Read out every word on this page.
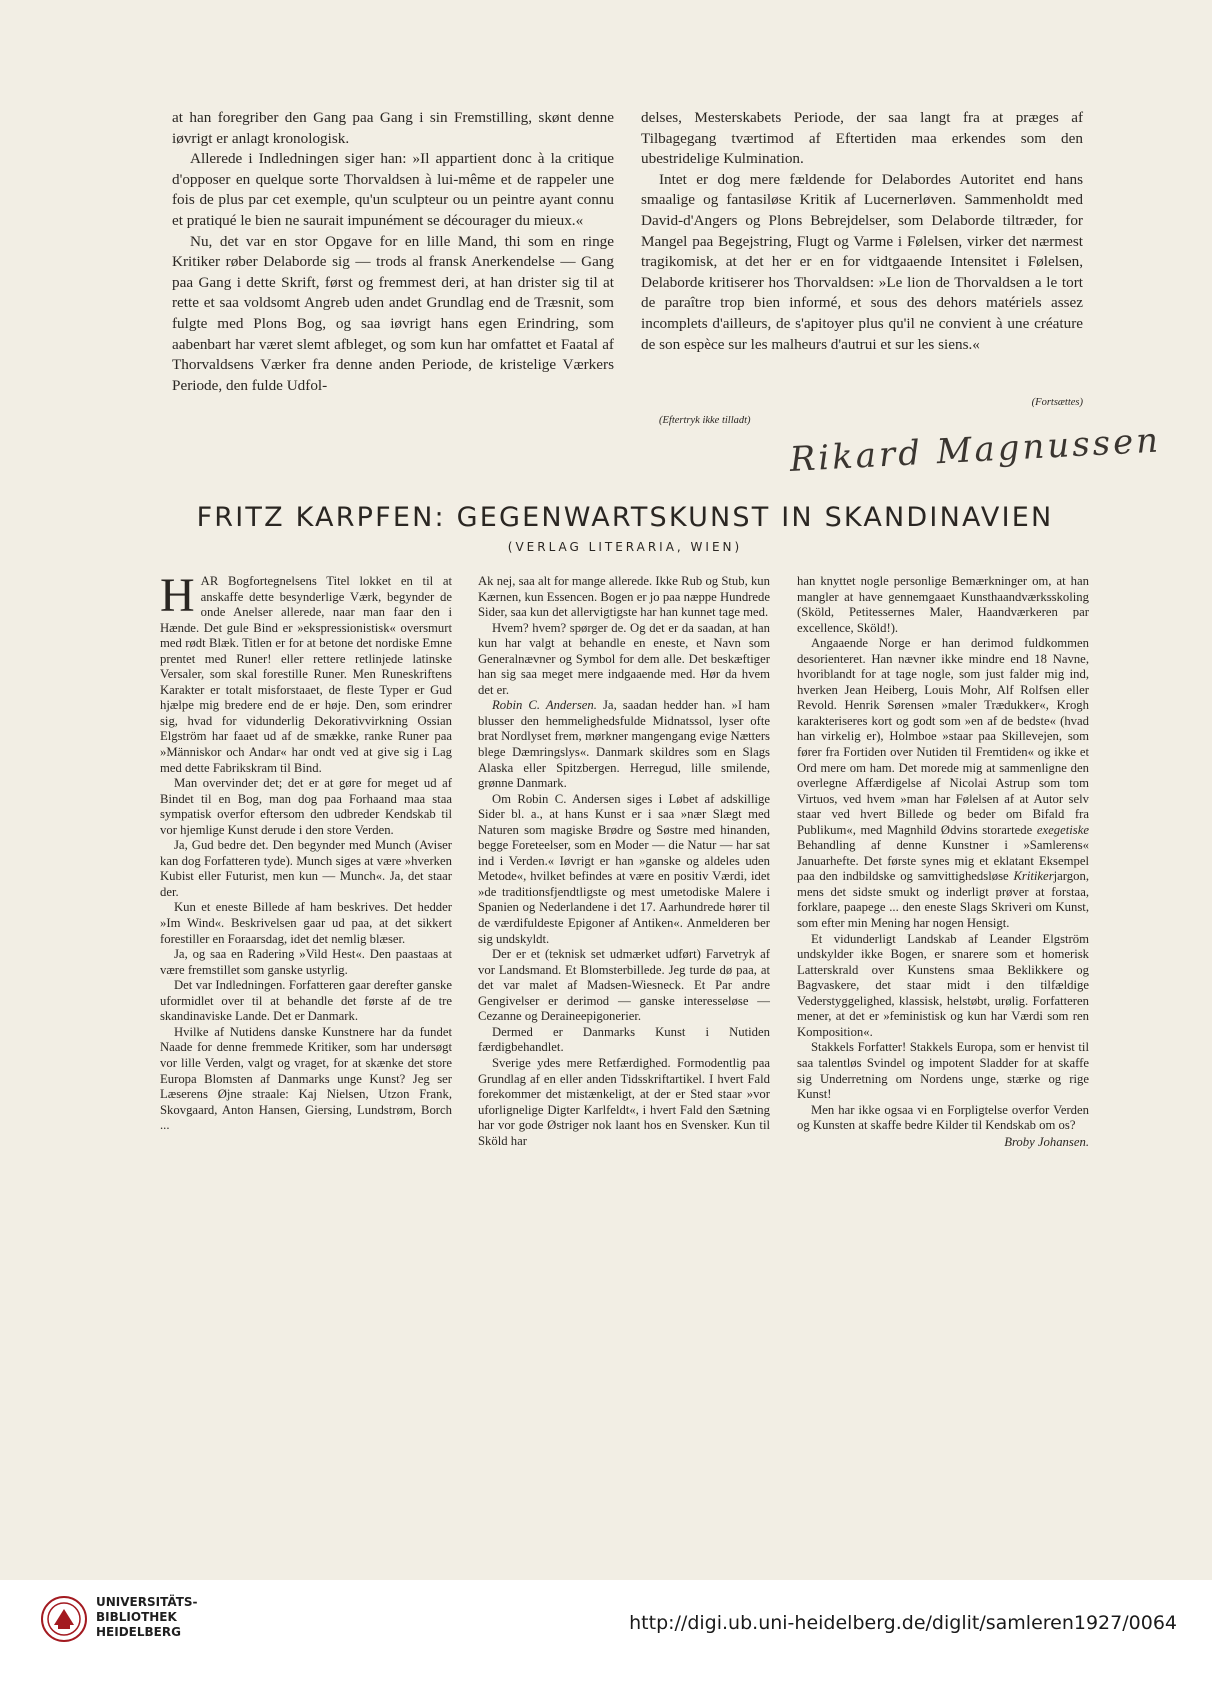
at han foregriber den Gang paa Gang i sin Fremstilling, skønt denne iøvrigt er anlagt kronologisk.

Allerede i Indledningen siger han: »Il appartient donc à la critique d'opposer en quelque sorte Thorvaldsen à lui-même et de rappeler une fois de plus par cet exemple, qu'un sculpteur ou un peintre ayant connu et pratiqué le bien ne saurait impunément se décourager du mieux.«

Nu, det var en stor Opgave for en lille Mand, thi som en ringe Kritiker røber Delaborde sig — trods al fransk Anerkendelse — Gang paa Gang i dette Skrift, først og fremmest deri, at han drister sig til at rette et saa voldsomt Angreb uden andet Grundlag end de Træsnit, som fulgte med Plons Bog, og saa iøvrigt hans egen Erindring, som aabenbart har været slemt afbleget, og som kun har omfattet et Faatal af Thorvaldsens Værker fra denne anden Periode, de kristelige Værkers Periode, den fulde Udfol-

delses, Mesterskabets Periode, der saa langt fra at præges af Tilbagegang tværtimod af Eftertiden maa erkendes som den ubestridelige Kulmination.

Intet er dog mere fældende for Delabordes Autoritet end hans smaalige og fantasiløse Kritik af Lucernerløven. Sammenholdt med David-d'Angers og Plons Bebrejdelser, som Delaborde tiltræder, for Mangel paa Begejstring, Flugt og Varme i Følelsen, virker det nærmest tragikomisk, at det her er en for vidtgaaende Intensitet i Følelsen, Delaborde kritiserer hos Thorvaldsen: »Le lion de Thorvaldsen a le tort de paraître trop bien informé, et sous des dehors matériels assez incomplets d'ailleurs, de s'apitoyer plus qu'il ne convient à une créature de son espèce sur les malheurs d'autrui et sur les siens.«

(Fortsættes)
(Eftertryk ikke tilladt)
Rikard Magnussen
FRITZ KARPFEN: GEGENWARTSKUNST IN SKANDINAVIEN
(VERLAG LITERARIA, WIEN)

HAR Bogfortegnelsens Titel lokket en til at anskaffe dette besynderlige Værk, begynder de onde Anelser allerede, naar man faar den i Hænde. Det gule Bind er »ekspressionistisk« oversmurt med rødt Blæk. Titlen er for at betone det nordiske Emne prentet med Runer! eller rettere retlinjede latinske Versaler, som skal forestille Runer. Men Runeskriftens Karakter er totalt misforstaaet, de fleste Typer er Gud hjælpe mig bredere end de er høje. Den, som erindrer sig, hvad for vidunderlig Dekorativvirkning Ossian Elgström har faaet ud af de smække, ranke Runer paa »Människor och Andar« har ondt ved at give sig i Lag med dette Fabrikskram til Bind.

Man overvinder det; det er at gøre for meget ud af Bindet til en Bog, man dog paa Forhaand maa staa sympatisk overfor eftersom den udbreder Kendskab til vor hjemlige Kunst derude i den store Verden.

Ja, Gud bedre det. Den begynder med Munch (Aviser kan dog Forfatteren tyde). Munch siges at være »hverken Kubist eller Futurist, men kun — Munch«. Ja, det staar der.

Kun et eneste Billede af ham beskrives. Det hedder »Im Wind«. Beskrivelsen gaar ud paa, at det sikkert forestiller en Foraarsdag, idet det nemlig blæser.

Ja, og saa en Radering »Vild Hest«. Den paastaas at være fremstillet som ganske ustyrlig.

Det var Indledningen. Forfatteren gaar derefter ganske uformidlet over til at behandle det første af de tre skandinaviske Lande. Det er Danmark.

Hvilke af Nutidens danske Kunstnere har da fundet Naade for denne fremmede Kritiker, som har undersøgt vor lille Verden, valgt og vraget, for at skænke det store Europa Blomsten af Danmarks unge Kunst? Jeg ser Læserens Øjne straale: Kaj Nielsen, Utzon Frank, Skovgaard, Anton Hansen, Giersing, Lundstrøm, Borch ...

Ak nej, saa alt for mange allerede. Ikke Rub og Stub, kun Kærnen, kun Essencen. Bogen er jo paa næppe Hundrede Sider, saa kun det allervigtigste har han kunnet tage med.

Hvem? hvem? spørger de. Og det er da saadan, at han kun har valgt at behandle en eneste, et Navn som Generalnævner og Symbol for dem alle. Det beskæftiger han sig saa meget mere indgaaende med. Hør da hvem det er.

Robin C. Andersen. Ja, saadan hedder han. »I ham blusser den hemmelighedsfulde Midnatssol, lyser ofte brat Nordlyset frem, mørkner mangengang evige Nætters blege Dæmringslys«. Danmark skildres som en Slags Alaska eller Spitzbergen. Herregud, lille smilende, grønne Danmark.

Om Robin C. Andersen siges i Løbet af adskillige Sider bl. a., at hans Kunst er i saa »nær Slægt med Naturen som magiske Brødre og Søstre med hinanden, begge Foreteelser, som en Moder — die Natur — har sat ind i Verden.« Iøvrigt er han »ganske og aldeles uden Metode«, hvilket befindes at være en positiv Værdi, idet »de traditionsfjendtligste og mest umetodiske Malere i Spanien og Nederlandene i det 17. Aarhundrede hører til de værdifuldeste Epigoner af Antiken«. Anmelderen ber sig undskyldt.

Der er et (teknisk set udmærket udført) Farvetryk af vor Landsmand. Et Blomsterbillede. Jeg turde dø paa, at det var malet af Madsen-Wiesneck. Et Par andre Gengivelser er derimod — ganske interesseløse — Cezanne og Deraineepigonerier.

Dermed er Danmarks Kunst i Nutiden færdigbehandlet.

Sverige ydes mere Retfærdighed. Formodentlig paa Grundlag af en eller anden Tidsskriftartikel. I hvert Fald forekommer det mistænkeligt, at der er Sted staar »vor uforlignelige Digter Karlfeldt«, i hvert Fald den Sætning har vor gode Østriger nok laant hos en Svensker. Kun til Sköld har

han knyttet nogle personlige Bemærkninger om, at han mangler at have gennemgaaet Kunsthaandværksskoling (Sköld, Petitessernes Maler, Haandværkeren par excellence, Sköld!).

Angaaende Norge er han derimod fuldkommen desorienteret. Han nævner ikke mindre end 18 Navne, hvoriblandt for at tage nogle, som just falder mig ind, hverken Jean Heiberg, Louis Mohr, Alf Rolfsen eller Revold. Henrik Sørensen »maler Trædukker«, Krogh karakteriseres kort og godt som »en af de bedste« (hvad han virkelig er), Holmboe »staar paa Skillevejen, som fører fra Fortiden over Nutiden til Fremtiden« og ikke et Ord mere om ham. Det morede mig at sammenligne den overlegne Affærdigelse af Nicolai Astrup som tom Virtuos, ved hvem »man har Følelsen af at Autor selv staar ved hvert Billede og beder om Bifald fra Publikum«, med Magnhild Ødvins storartede exegetiske Behandling af denne Kunstner i »Samlerens« Januarhefte. Det første synes mig et eklatant Eksempel paa den indbildske og samvittighedsløse Kritikerjargon, mens det sidste smukt og inderligt prøver at forstaa, forklare, paapege ... den eneste Slags Skriveri om Kunst, som efter min Mening har nogen Hensigt.

Et vidunderligt Landskab af Leander Elgström undskylder ikke Bogen, er snarere som et homerisk Latterskrald over Kunstens smaa Beklikkere og Bagvaskere, det staar midt i den tilfældige Vederstyggelighed, klassisk, helstøbt, urølig. Forfatteren mener, at det er »feministisk og kun har Værdi som ren Komposition«.

Stakkels Forfatter! Stakkels Europa, som er henvist til saa talentløs Svindel og impotent Sladder for at skaffe sig Underretning om Nordens unge, stærke og rige Kunst!

Men har ikke ogsaa vi en Forpligtelse overfor Verden og Kunsten at skaffe bedre Kilder til Kendskab om os?

Broby Johansen.
UNIVERSITÄTS-
BIBLIOTHEK
HEIDELBERG	http://digi.ub.uni-heidelberg.de/diglit/samleren1927/0064
